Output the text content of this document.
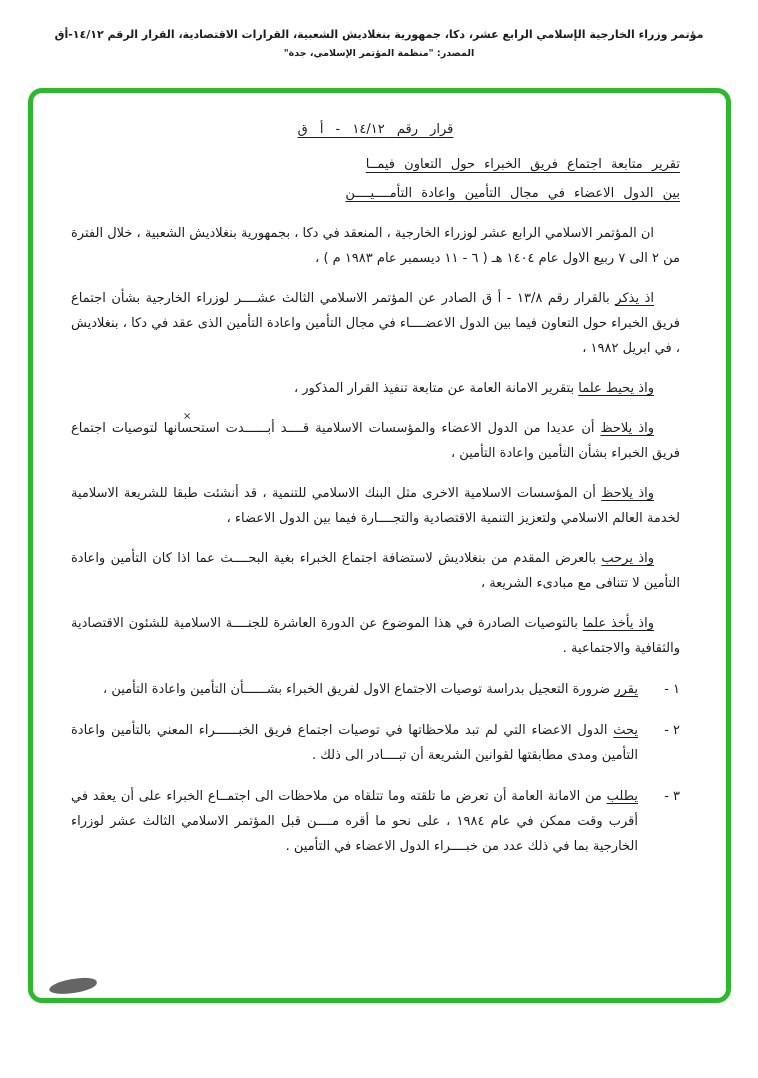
مؤتمر وزراء الخارجية الإسلامي الرابع عشر، دكا، جمهورية بنغلاديش الشعبية، القرارات الاقتصادية، القرار الرقم ١٤/١٢-أق
المصدر: "منظمة المؤتمر الإسلامي، جدة"
قرار رقم ١٤/١٢ - أ ق
تقرير متابعة اجتماع فريق الخبراء حول التعاون فيمــا
بين الدول الاعضاء في مجال التأمين واعادة التأمــــيــــن

ان المؤتمر الاسلامي الرابع عشر لوزراء الخارجية ، المنعقد في دكا ، بجمهورية بنغلاديش الشعبية ، خلال الفترة من ٢ الى ٧ ربيع الاول عام ١٤٠٤ هـ ( ٦ - ١١ ديسمبر عام ١٩٨٣ م ) ،

اذ يذكر بالقرار رقم ١٣/٨ - أ ق الصادر عن المؤتمر الاسلامي الثالث عشــــر لوزراء الخارجية بشأن اجتماع فريق الخبراء حول التعاون فيما بين الدول الاعضــــاء في مجال التأمين واعادة التأمين الذى عقد في دكا ، بنغلاديش ، في ابريل ١٩٨٢ ،

واذ يحيط علما بتقرير الامانة العامة عن متابعة تنفيذ القرار المذكور ،

واذ يلاحظ أن عديدا من الدول الاعضاء والمؤسسات الاسلامية قــــد أبــــــدت استحسانها لتوصيات اجتماع فريق الخبراء بشأن التأمين واعادة التأمين ،

واذ يلاحظ أن المؤسسات الاسلامية الاخرى مثل البنك الاسلامي للتنمية ، قد أنشئت طبقا للشريعة الاسلامية لخدمة العالم الاسلامي ولتعزيز التنمية الاقتصادية والتجــــارة فيما بين الدول الاعضاء ،

واذ يرحب بالعرض المقدم من بنغلاديش لاستضافة اجتماع الخبراء بغية البحــــث عما اذا كان التأمين واعادة التأمين لا تتنافى مع مبادىء الشريعة ،

واذ يأخذ علما بالتوصيات الصادرة في هذا الموضوع عن الدورة العاشرة للجنــــة الاسلامية للشئون الاقتصادية والثقافية والاجتماعية .

١ -
يقرر ضرورة التعجيل بدراسة توصيات الاجتماع الاول لفريق الخبراء بشــــــأن التأمين واعادة التأمين ،
٢ -
يحث الدول الاعضاء التي لم تبد ملاحظاتها في توصيات اجتماع فريق الخبــــــراء المعني بالتأمين واعادة التأمين ومدى مطابقتها لقوانين الشريعة أن تبــــادر الى ذلك .
٣ -
يطلب من الامانة العامة أن تعرض ما تلقته وما تتلقاه من ملاحظات الى اجتمــاع الخبراء على أن يعقد في أقرب وقت ممكن في عام ١٩٨٤ ، على نحو ما أقره مــــن قبل المؤتمر الاسلامي الثالث عشر لوزراء الخارجية بما في ذلك عدد من خبــــراء الدول الاعضاء في التأمين .
×
